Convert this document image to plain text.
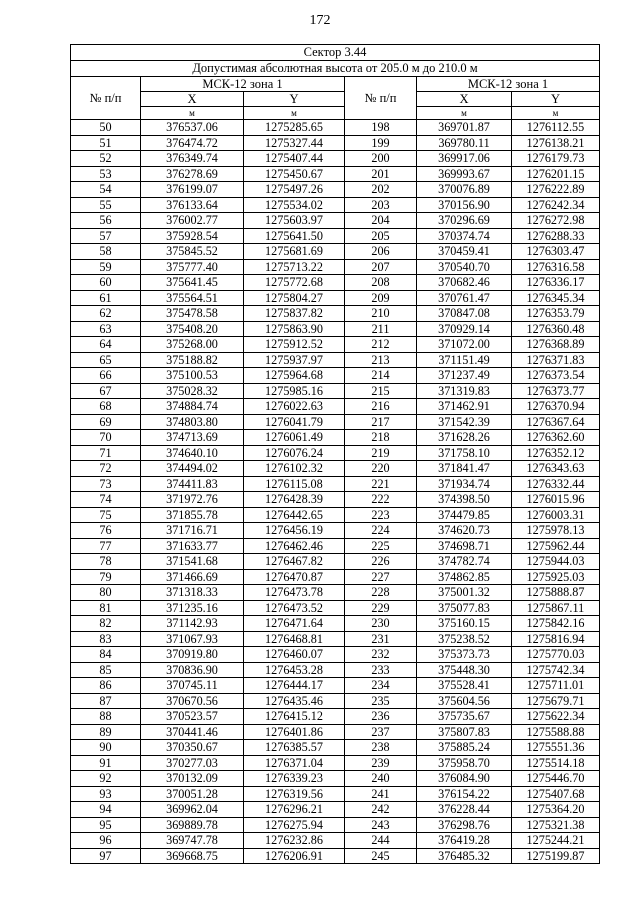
172
Сектор 3.44					
Допустимая абсолютная высота от 205.0 м до 210.0 м					
№ п/п	МСК-12 зона 1		№ п/п	МСК-12 зона 1	
	X	Y		X	Y
	м	м		м	м
50	376537.06	1275285.65	198	369701.87	1276112.55
51	376474.72	1275327.44	199	369780.11	1276138.21
52	376349.74	1275407.44	200	369917.06	1276179.73
53	376278.69	1275450.67	201	369993.67	1276201.15
54	376199.07	1275497.26	202	370076.89	1276222.89
55	376133.64	1275534.02	203	370156.90	1276242.34
56	376002.77	1275603.97	204	370296.69	1276272.98
57	375928.54	1275641.50	205	370374.74	1276288.33
58	375845.52	1275681.69	206	370459.41	1276303.47
59	375777.40	1275713.22	207	370540.70	1276316.58
60	375641.45	1275772.68	208	370682.46	1276336.17
61	375564.51	1275804.27	209	370761.47	1276345.34
62	375478.58	1275837.82	210	370847.08	1276353.79
63	375408.20	1275863.90	211	370929.14	1276360.48
64	375268.00	1275912.52	212	371072.00	1276368.89
65	375188.82	1275937.97	213	371151.49	1276371.83
66	375100.53	1275964.68	214	371237.49	1276373.54
67	375028.32	1275985.16	215	371319.83	1276373.77
68	374884.74	1276022.63	216	371462.91	1276370.94
69	374803.80	1276041.79	217	371542.39	1276367.64
70	374713.69	1276061.49	218	371628.26	1276362.60
71	374640.10	1276076.24	219	371758.10	1276352.12
72	374494.02	1276102.32	220	371841.47	1276343.63
73	374411.83	1276115.08	221	371934.74	1276332.44
74	371972.76	1276428.39	222	374398.50	1276015.96
75	371855.78	1276442.65	223	374479.85	1276003.31
76	371716.71	1276456.19	224	374620.73	1275978.13
77	371633.77	1276462.46	225	374698.71	1275962.44
78	371541.68	1276467.82	226	374782.74	1275944.03
79	371466.69	1276470.87	227	374862.85	1275925.03
80	371318.33	1276473.78	228	375001.32	1275888.87
81	371235.16	1276473.52	229	375077.83	1275867.11
82	371142.93	1276471.64	230	375160.15	1275842.16
83	371067.93	1276468.81	231	375238.52	1275816.94
84	370919.80	1276460.07	232	375373.73	1275770.03
85	370836.90	1276453.28	233	375448.30	1275742.34
86	370745.11	1276444.17	234	375528.41	1275711.01
87	370670.56	1276435.46	235	375604.56	1275679.71
88	370523.57	1276415.12	236	375735.67	1275622.34
89	370441.46	1276401.86	237	375807.83	1275588.88
90	370350.67	1276385.57	238	375885.24	1275551.36
91	370277.03	1276371.04	239	375958.70	1275514.18
92	370132.09	1276339.23	240	376084.90	1275446.70
93	370051.28	1276319.56	241	376154.22	1275407.68
94	369962.04	1276296.21	242	376228.44	1275364.20
95	369889.78	1276275.94	243	376298.76	1275321.38
96	369747.78	1276232.86	244	376419.28	1275244.21
97	369668.75	1276206.91	245	376485.32	1275199.87
